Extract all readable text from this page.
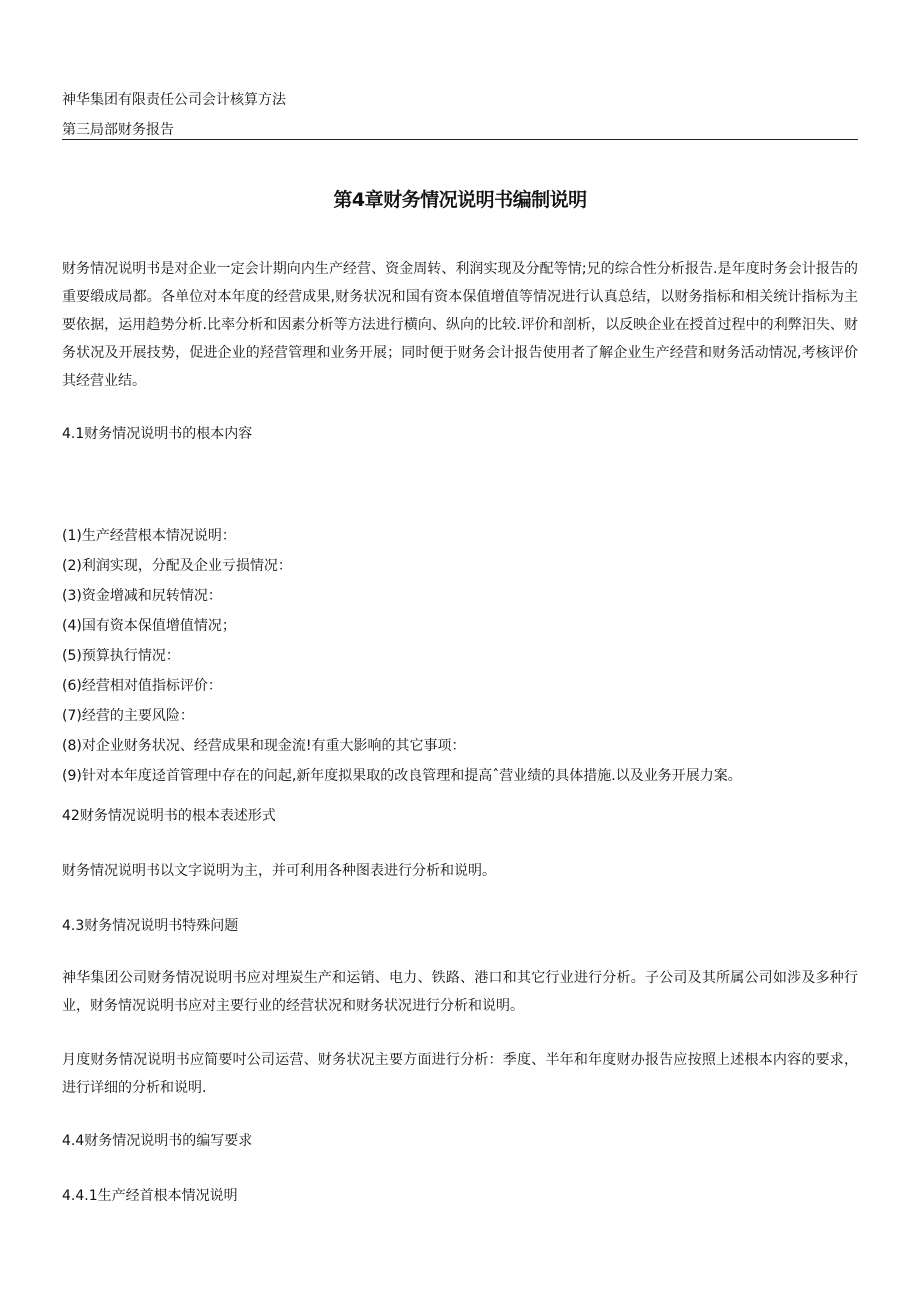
神华集团有限责任公司会计核算方法
第三局部财务报告
第4章财务情况说明书编制说明

财务情况说明书是对企业一定会计期向内生产经营、资金周转、利润实现及分配等情;兄的综合性分析报告.是年度时务会计报告的重要缎成局都。各单位对本年度的经营成果,财务状况和国有资本保值增值等情况进行认真总结，以财务指标和相关统计指标为主要依据，运用趋势分析.比率分析和因素分析等方法进行横向、纵向的比较.评价和剖析，以反映企业在授首过程中的利弊汨失、财务状况及开展技势，促进企业的羟营管理和业务开展；同时便于财务会计报告使用者了解企业生产经营和财务活动情况,考核评价其经营业结。

4.1财务情况说明书的根本内容

(1)生产经营根本情况说明：
(2)利润实现，分配及企业亏损情况：
(3)资金增减和尻转情况：
(4)国有资本保值增值情况；
(5)预算执行情况：
(6)经营相对值指标评价：
(7)经营的主要风险：
(8)对企业财务状况、经营成果和现金流!有重大影响的其它事项：
(9)针对本年度迳首管理中存在的问起,新年度拟果取的改良管理和提高ˆ营业绩的具体措施.以及业务开展力案。

42财务情况说明书的根本表述形式

财务情况说明书以文字说明为主，并可利用各种图表进行分析和说明。

4.3财务情况说明书特殊问题

神华集团公司财务情况说明书应对埋炭生产和运销、电力、铁路、港口和其它行业进行分析。子公司及其所属公司如涉及多种行业，财务情况说明书应对主要行业的经营状况和财务状况进行分析和说明。

月度财务情况说明书应简要吋公司运营、财务状况主要方面进行分析：季度、半年和年度财办报告应按照上述根本内容的要求，进行详细的分析和说明.

4.4财务情况说明书的编写要求

4.4.1生产经首根本情况说明
